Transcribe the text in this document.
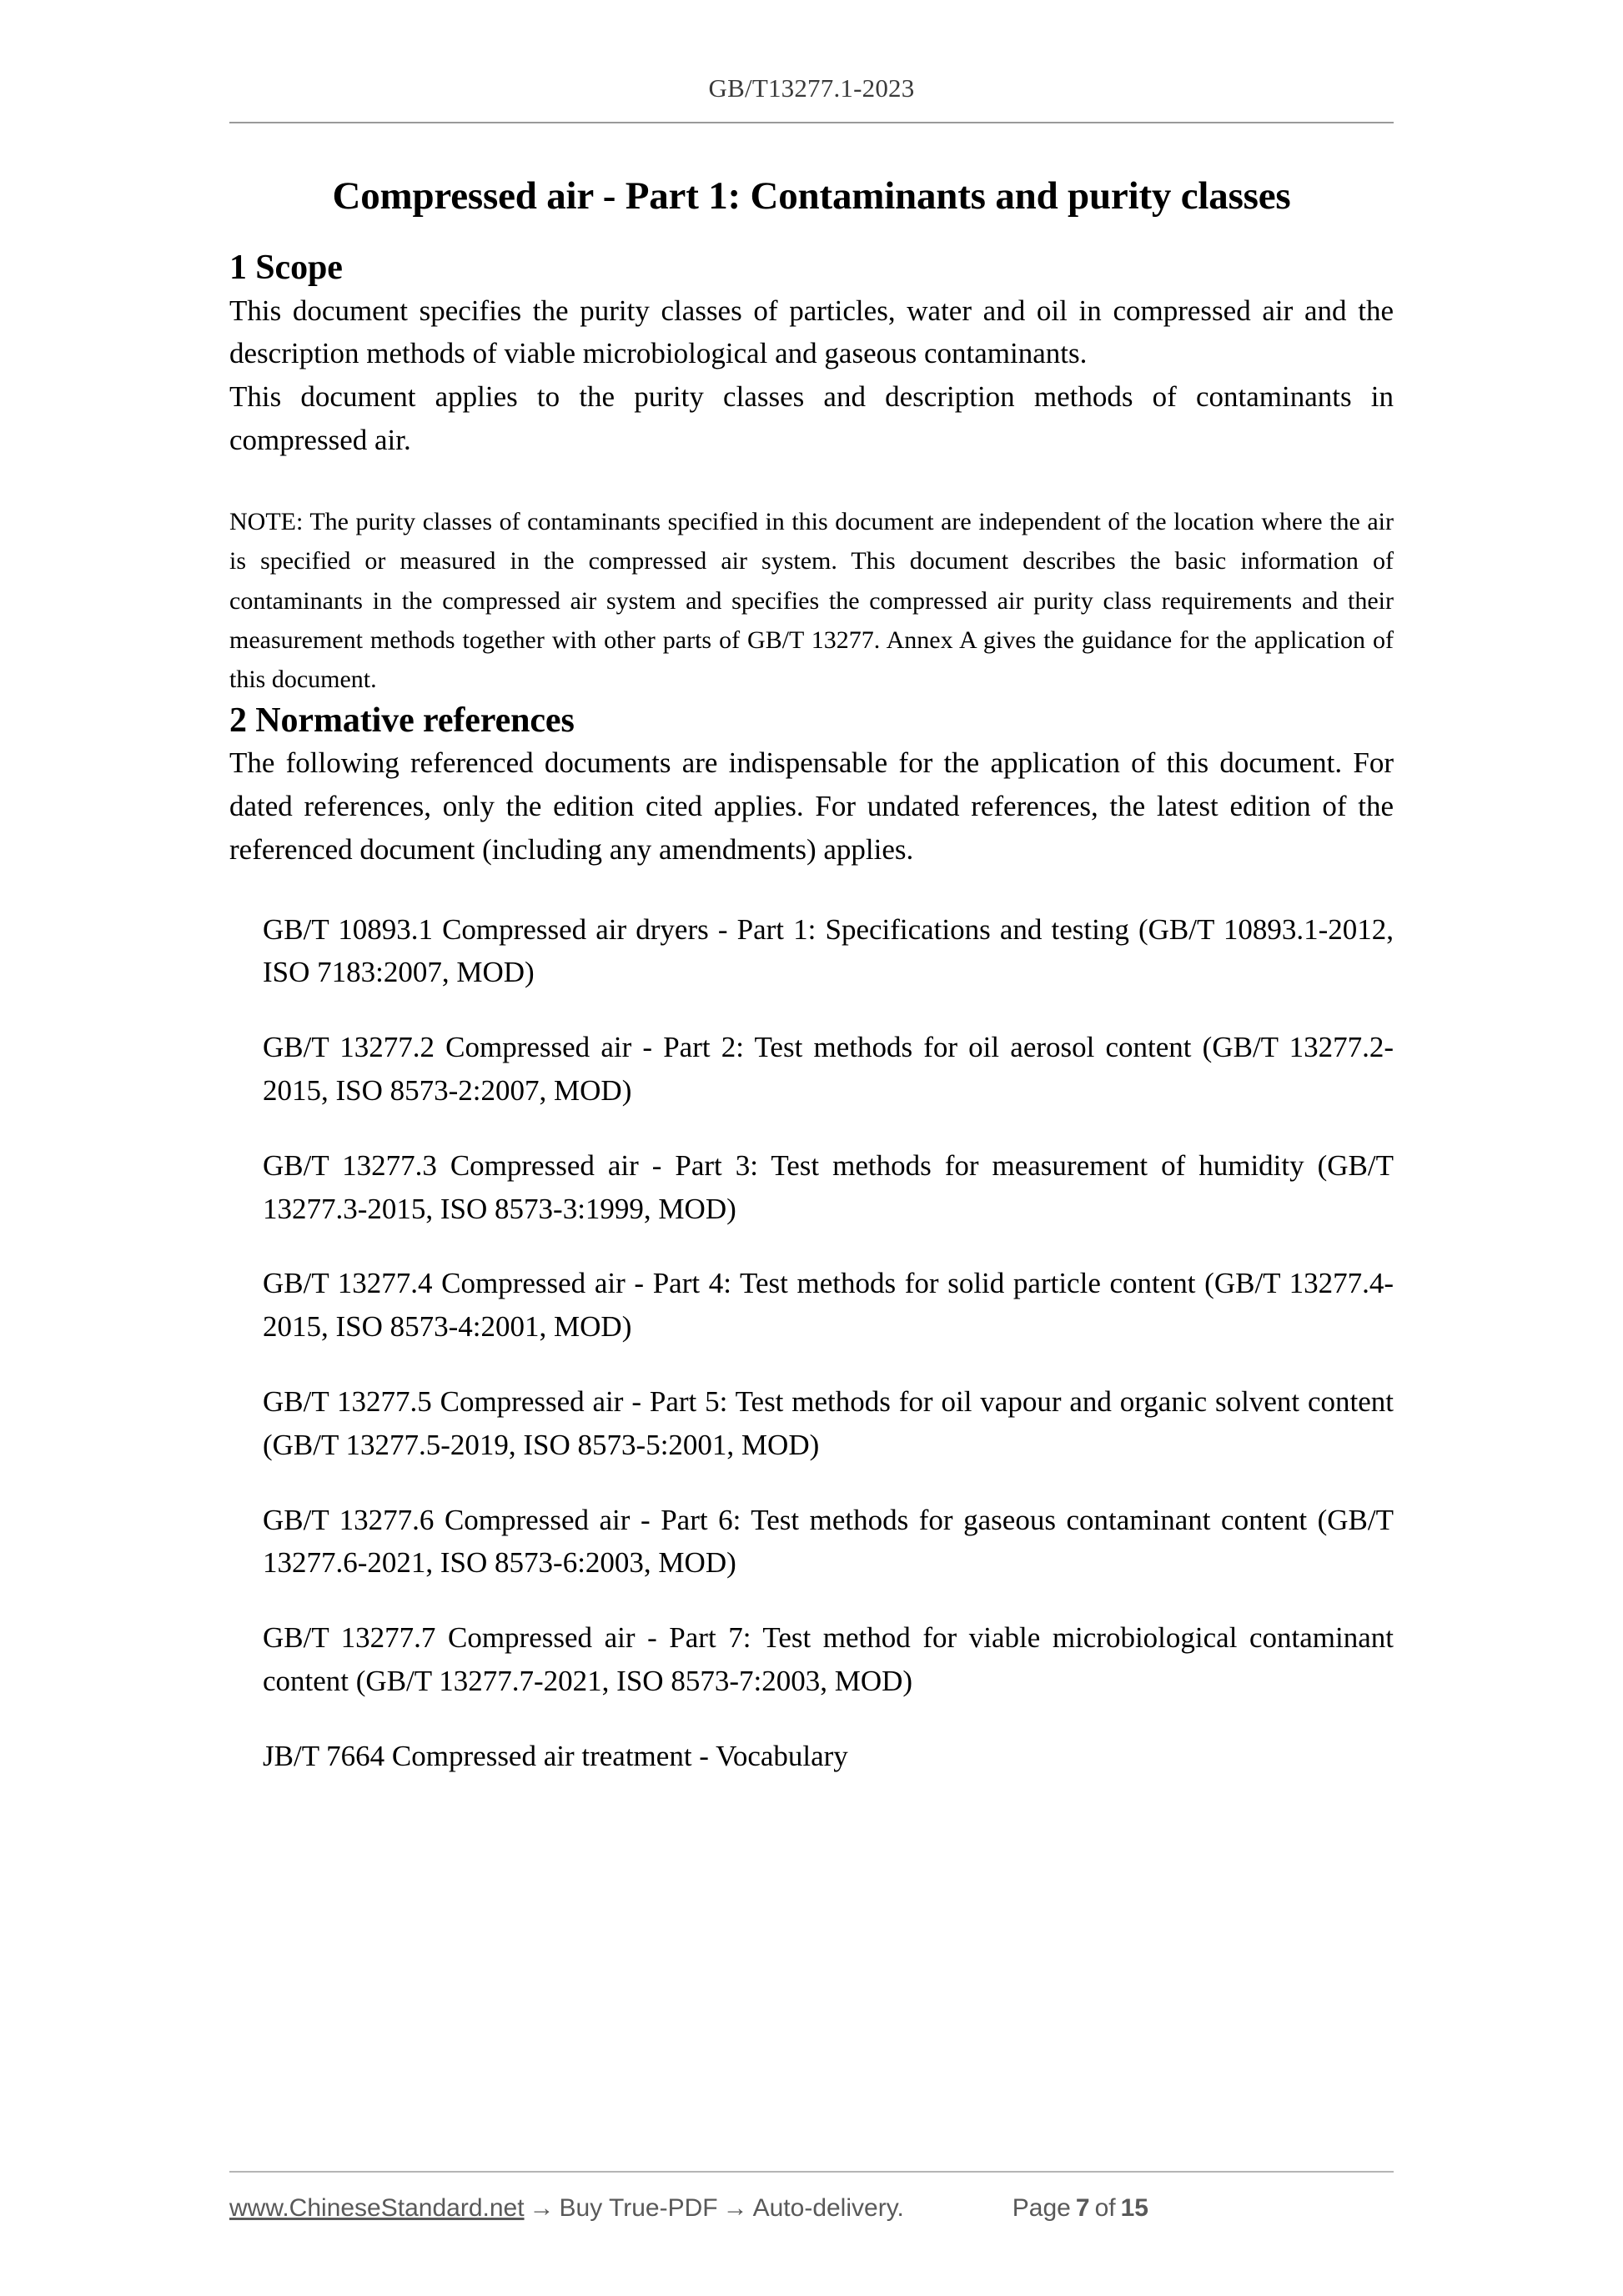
GB/T13277.1-2023
Compressed air - Part 1: Contaminants and purity classes
1 Scope

This document specifies the purity classes of particles, water and oil in compressed air and the description methods of viable microbiological and gaseous contaminants.

This document applies to the purity classes and description methods of contaminants in compressed air.

NOTE: The purity classes of contaminants specified in this document are independent of the location where the air is specified or measured in the compressed air system. This document describes the basic information of contaminants in the compressed air system and specifies the compressed air purity class requirements and their measurement methods together with other parts of GB/T 13277. Annex A gives the guidance for the application of this document.

2 Normative references

The following referenced documents are indispensable for the application of this document. For dated references, only the edition cited applies. For undated references, the latest edition of the referenced document (including any amendments) applies.

GB/T 10893.1 Compressed air dryers - Part 1: Specifications and testing (GB/T 10893.1-2012, ISO 7183:2007, MOD)
GB/T 13277.2 Compressed air - Part 2: Test methods for oil aerosol content (GB/T 13277.2-2015, ISO 8573-2:2007, MOD)
GB/T 13277.3 Compressed air - Part 3: Test methods for measurement of humidity (GB/T 13277.3-2015, ISO 8573-3:1999, MOD)
GB/T 13277.4 Compressed air - Part 4: Test methods for solid particle content (GB/T 13277.4-2015, ISO 8573-4:2001, MOD)
GB/T 13277.5 Compressed air - Part 5: Test methods for oil vapour and organic solvent content (GB/T 13277.5-2019, ISO 8573-5:2001, MOD)
GB/T 13277.6 Compressed air - Part 6: Test methods for gaseous contaminant content (GB/T 13277.6-2021, ISO 8573-6:2003, MOD)
GB/T 13277.7 Compressed air - Part 7: Test method for viable microbiological contaminant content (GB/T 13277.7-2021, ISO 8573-7:2003, MOD)
JB/T 7664 Compressed air treatment - Vocabulary
www.ChineseStandard.net → Buy True-PDF → Auto-delivery.	Page 7 of 15
